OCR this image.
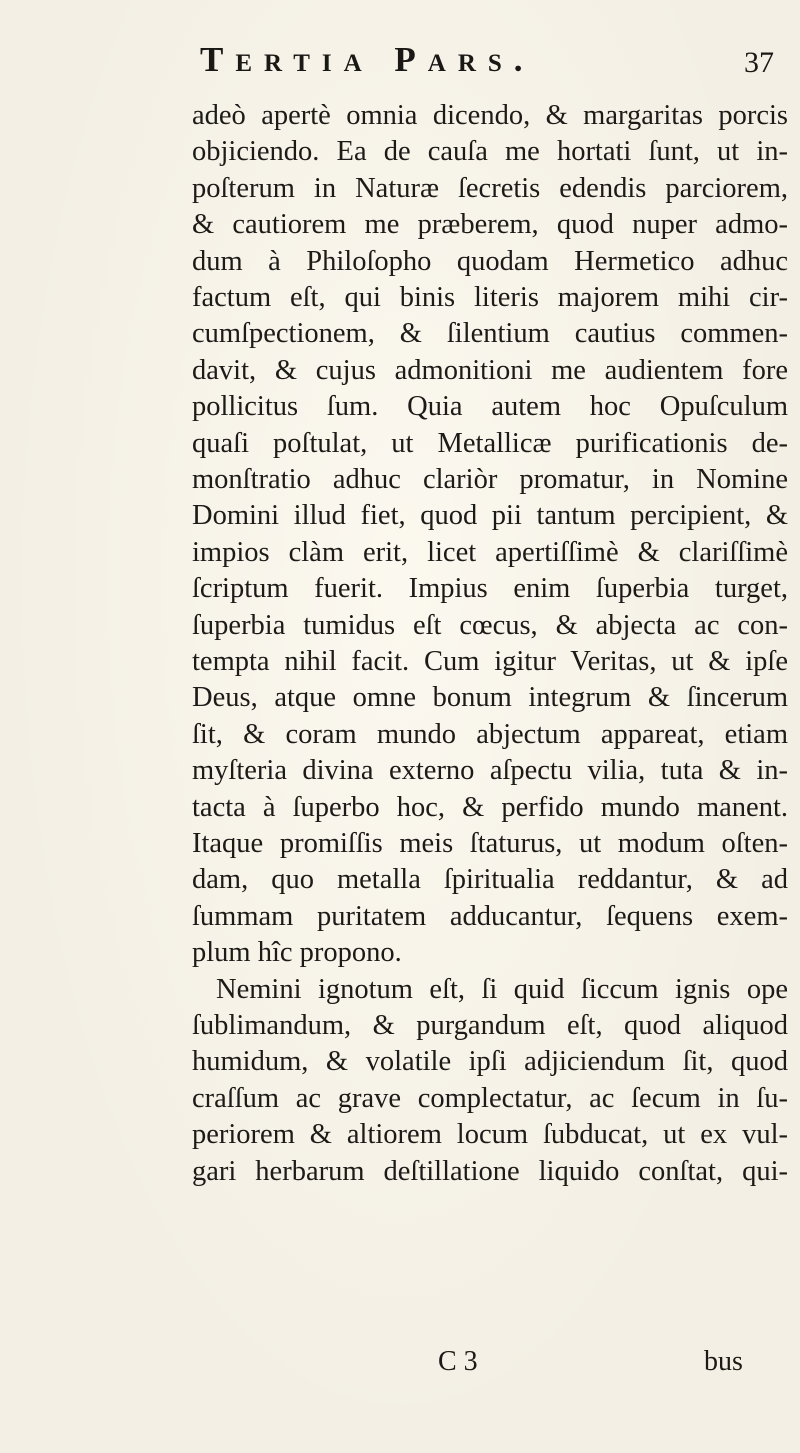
Tertia Pars.	37
adeò apertè omnia dicendo, & margaritas porcis
objiciendo. Ea de cauſa me hortati ſunt, ut in-
poſterum in Naturæ ſecretis edendis parciorem,
& cautiorem me præberem, quod nuper admo-
dum à Philoſopho quodam Hermetico adhuc
factum eſt, qui binis literis majorem mihi cir-
cumſpectionem, & ſilentium cautius commen-
davit, & cujus admonitioni me audientem fore
pollicitus ſum. Quia autem hoc Opuſculum
quaſi poſtulat, ut Metallicæ purificationis de-
monſtratio adhuc clariòr promatur, in Nomine
Domini illud fiet, quod pii tantum percipient, &
impios clàm erit, licet apertiſſimè & clariſſimè
ſcriptum fuerit. Impius enim ſuperbia turget,
ſuperbia tumidus eſt cœcus, & abjecta ac con-
tempta nihil facit. Cum igitur Veritas, ut & ipſe
Deus, atque omne bonum integrum & ſincerum
ſit, & coram mundo abjectum appareat, etiam
myſteria divina externo aſpectu vilia, tuta & in-
tacta à ſuperbo hoc, & perfido mundo manent.
Itaque promiſſis meis ſtaturus, ut modum oſten-
dam, quo metalla ſpiritualia reddantur, & ad
ſummam puritatem adducantur, ſequens exem-
plum hîc propono.
Nemini ignotum eſt, ſi quid ſiccum ignis ope
ſublimandum, & purgandum eſt, quod aliquod
humidum, & volatile ipſi adjiciendum ſit, quod
craſſum ac grave complectatur, ac ſecum in ſu-
periorem & altiorem locum ſubducat, ut ex vul-
gari herbarum deſtillatione liquido conſtat, qui-
C 3	bus
